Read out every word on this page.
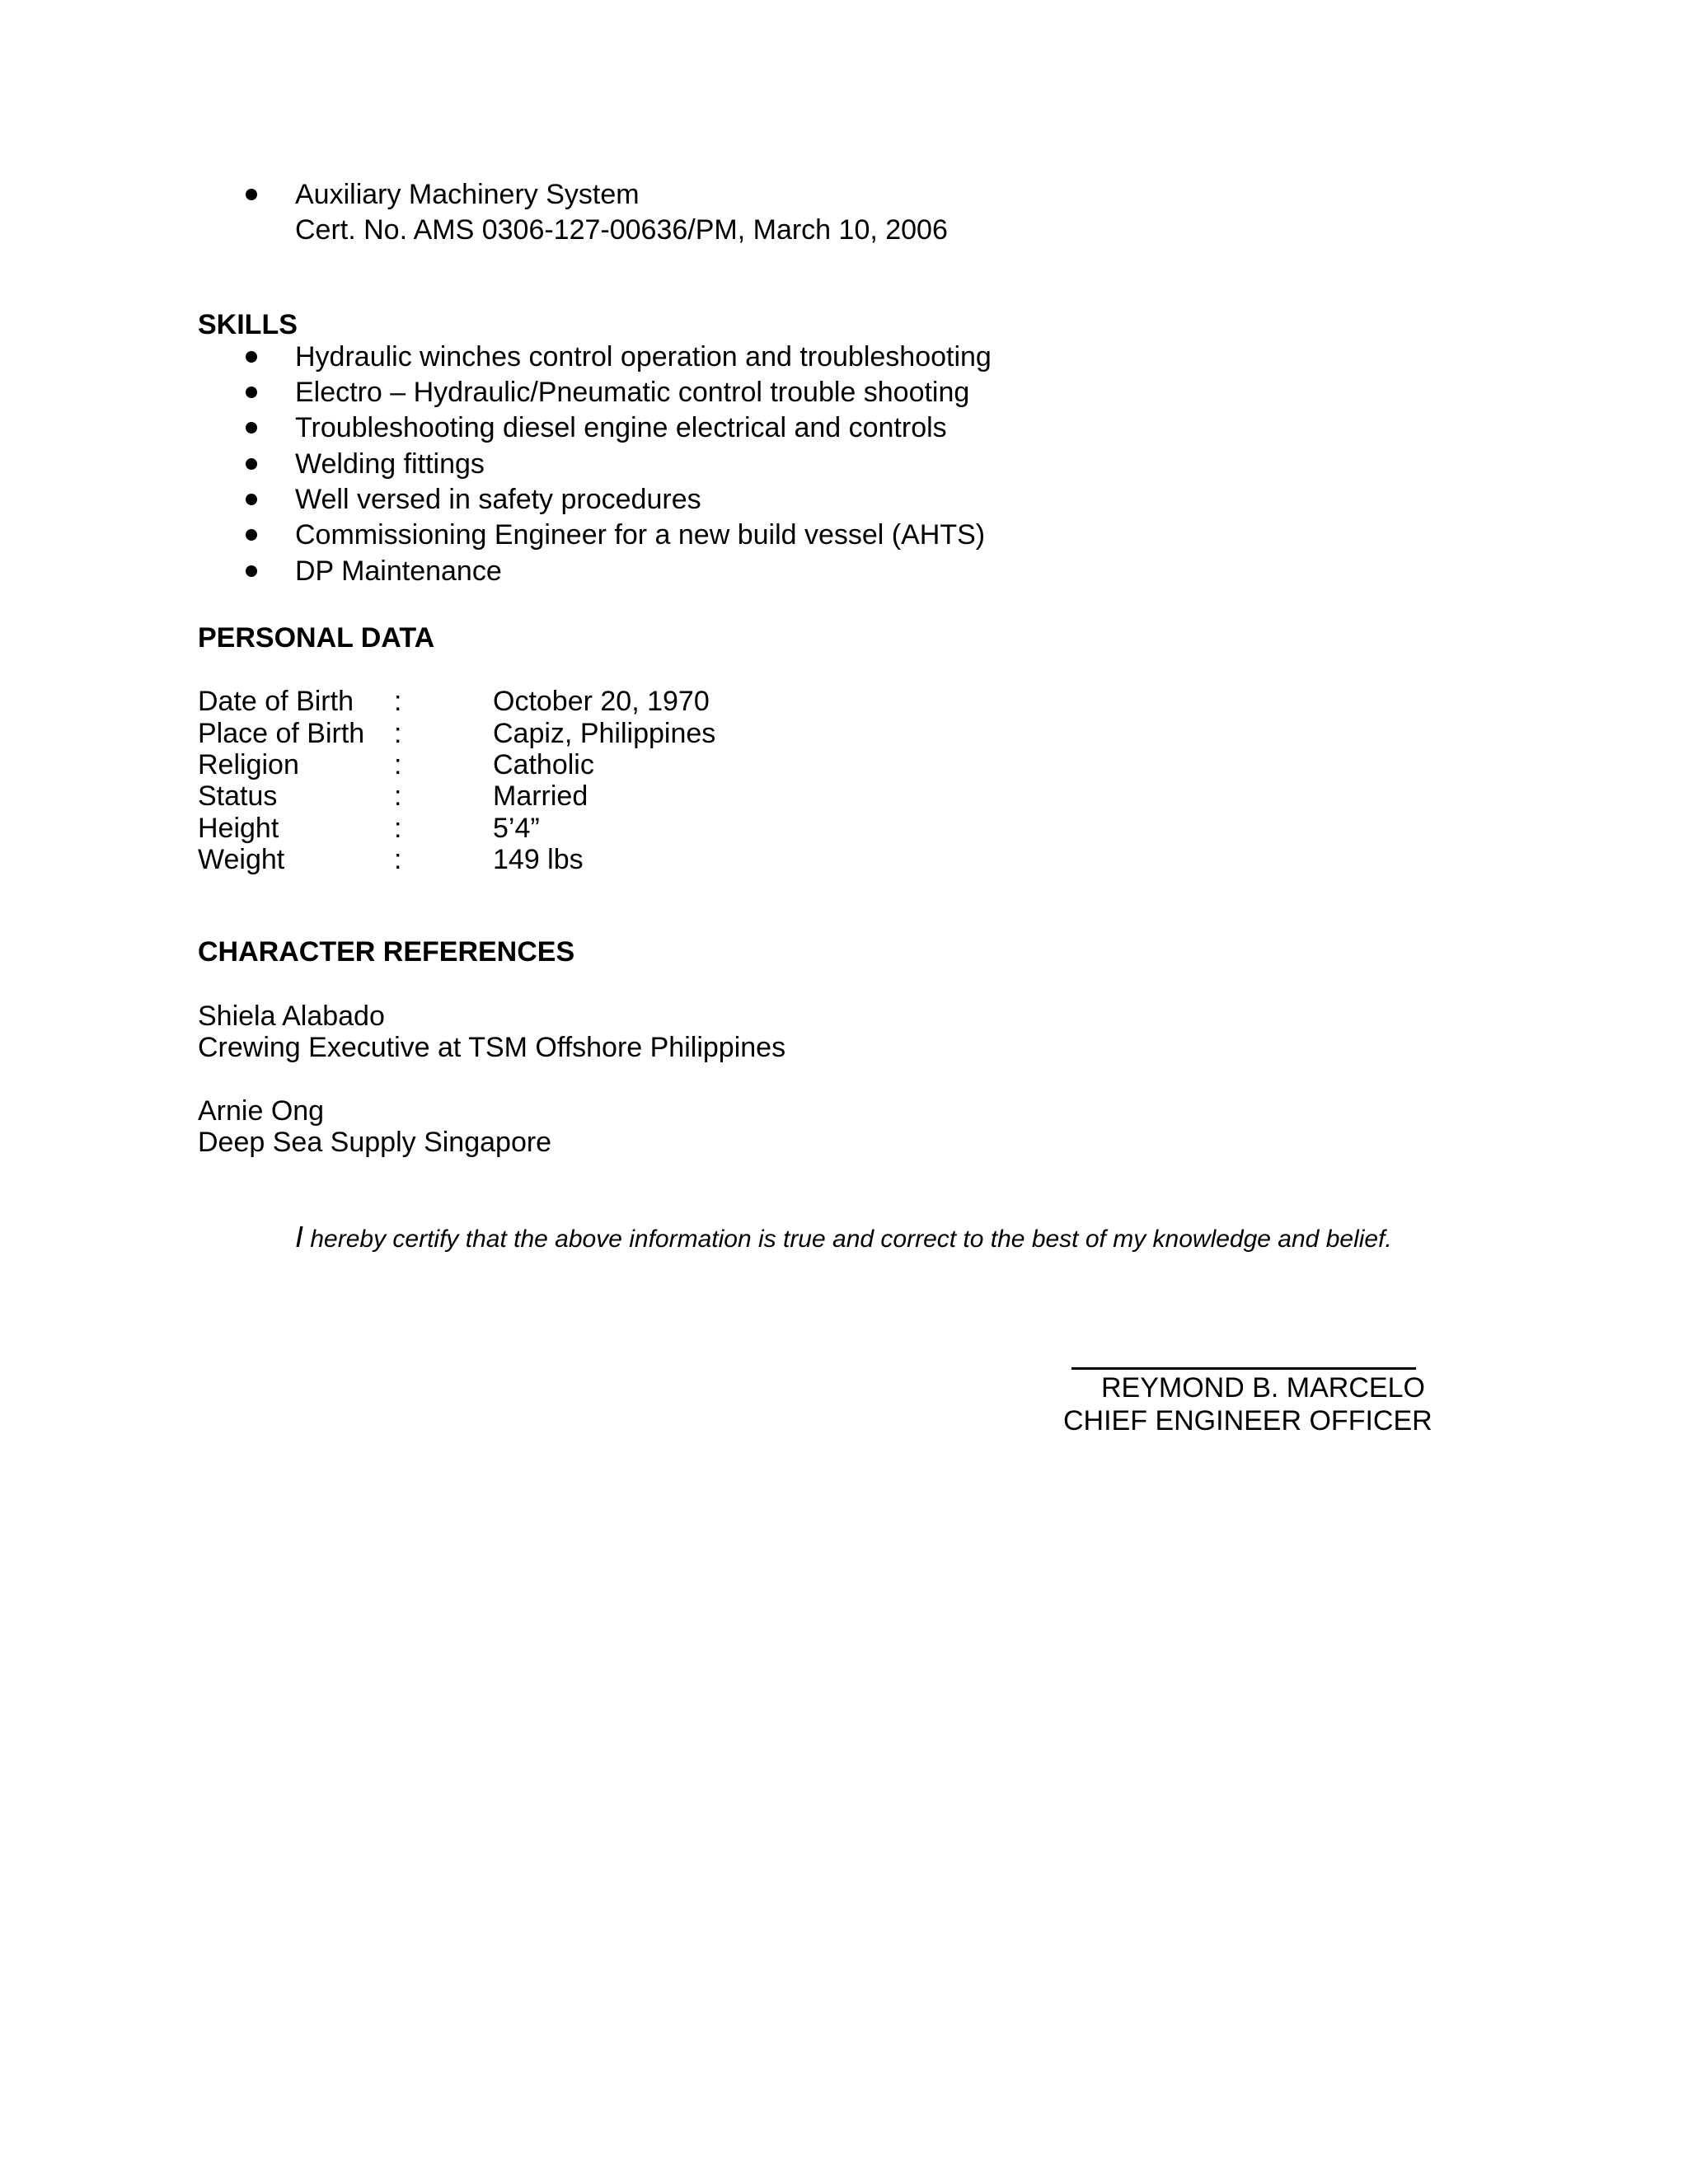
Auxiliary Machinery System
Cert. No. AMS 0306-127-00636/PM, March 10, 2006
SKILLS
Hydraulic winches control operation and troubleshooting
Electro – Hydraulic/Pneumatic control trouble shooting
Troubleshooting diesel engine electrical and controls
Welding fittings
Well versed in safety procedures
Commissioning Engineer for a new build vessel (AHTS)
DP Maintenance
PERSONAL DATA
Date of Birth :	October 20, 1970
Place of Birth :	Capiz, Philippines
Religion	:	Catholic
Status	:	Married
Height	:	5’4”
Weight	:	149 lbs
CHARACTER REFERENCES
Shiela Alabado
Crewing Executive at TSM Offshore Philippines
Arnie Ong
Deep Sea Supply Singapore
I hereby certify that the above information is true and correct to the best of my knowledge and belief.
REYMOND B. MARCELO
CHIEF ENGINEER OFFICER
